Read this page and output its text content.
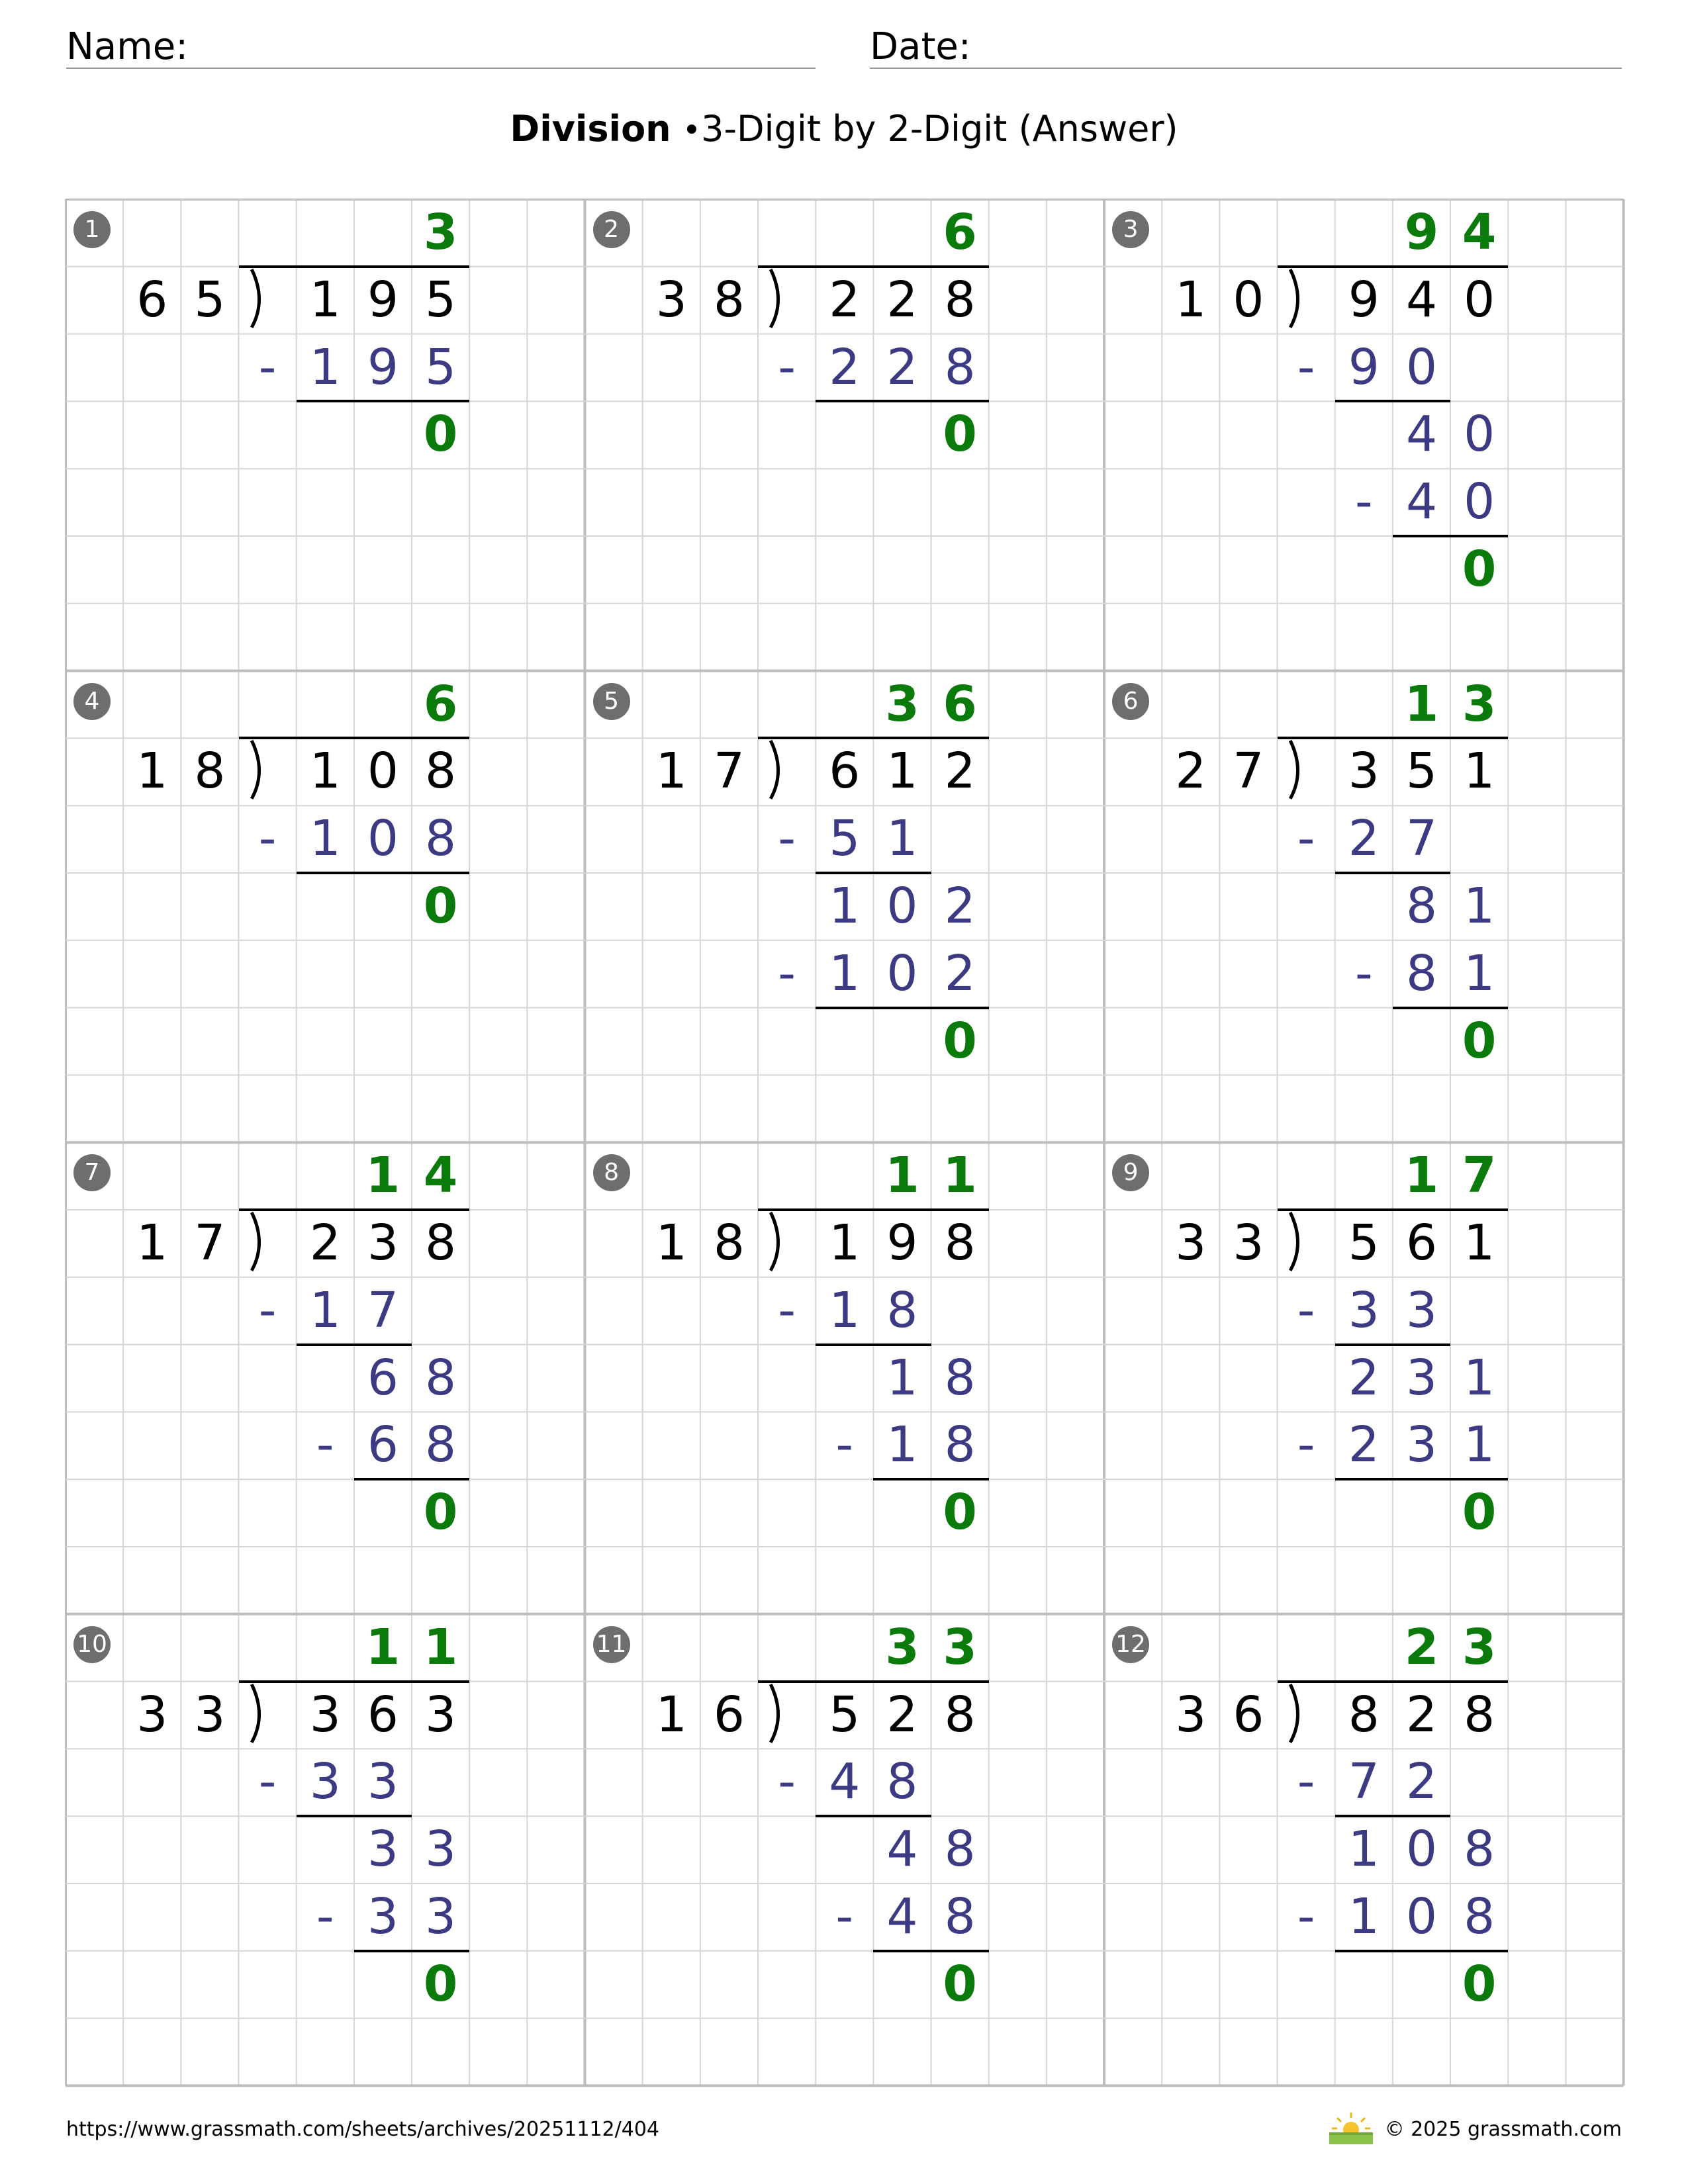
Name:	Date:
Division •3-Digit by 2-Digit (Answer)
1
6 5 1 9 5
3
- 1 9 5
0
2
3 8 2 2 8
6
- 2 2 8
0
3
1 0 9 4 0
9 4
- 9 0
4 0
- 4 0
0
4
1 8 1 0 8
6
- 1 0 8
0
5
1 7 6 1 2
3 6
- 5 1
1 0 2
- 1 0 2
0
6
2 7 3 5 1
1 3
- 2 7
8 1
- 8 1
0
7
1 7 2 3 8
1 4
- 1 7
6 8
- 6 8
0
8
1 8 1 9 8
1 1
- 1 8
1 8
- 1 8
0
9
3 3 5 6 1
1 7
- 3 3
2 3 1
- 2 3 1
0
10
3 3 3 6 3
1 1
- 3 3
3 3
- 3 3
0
11
1 6 5 2 8
3 3
- 4 8
4 8
- 4 8
0
12
3 6 8 2 8
2 3
- 7 2
1 0 8
- 1 0 8
0
https://www.grassmath.com/sheets/archives/20251112/404	© 2025 grassmath.com
